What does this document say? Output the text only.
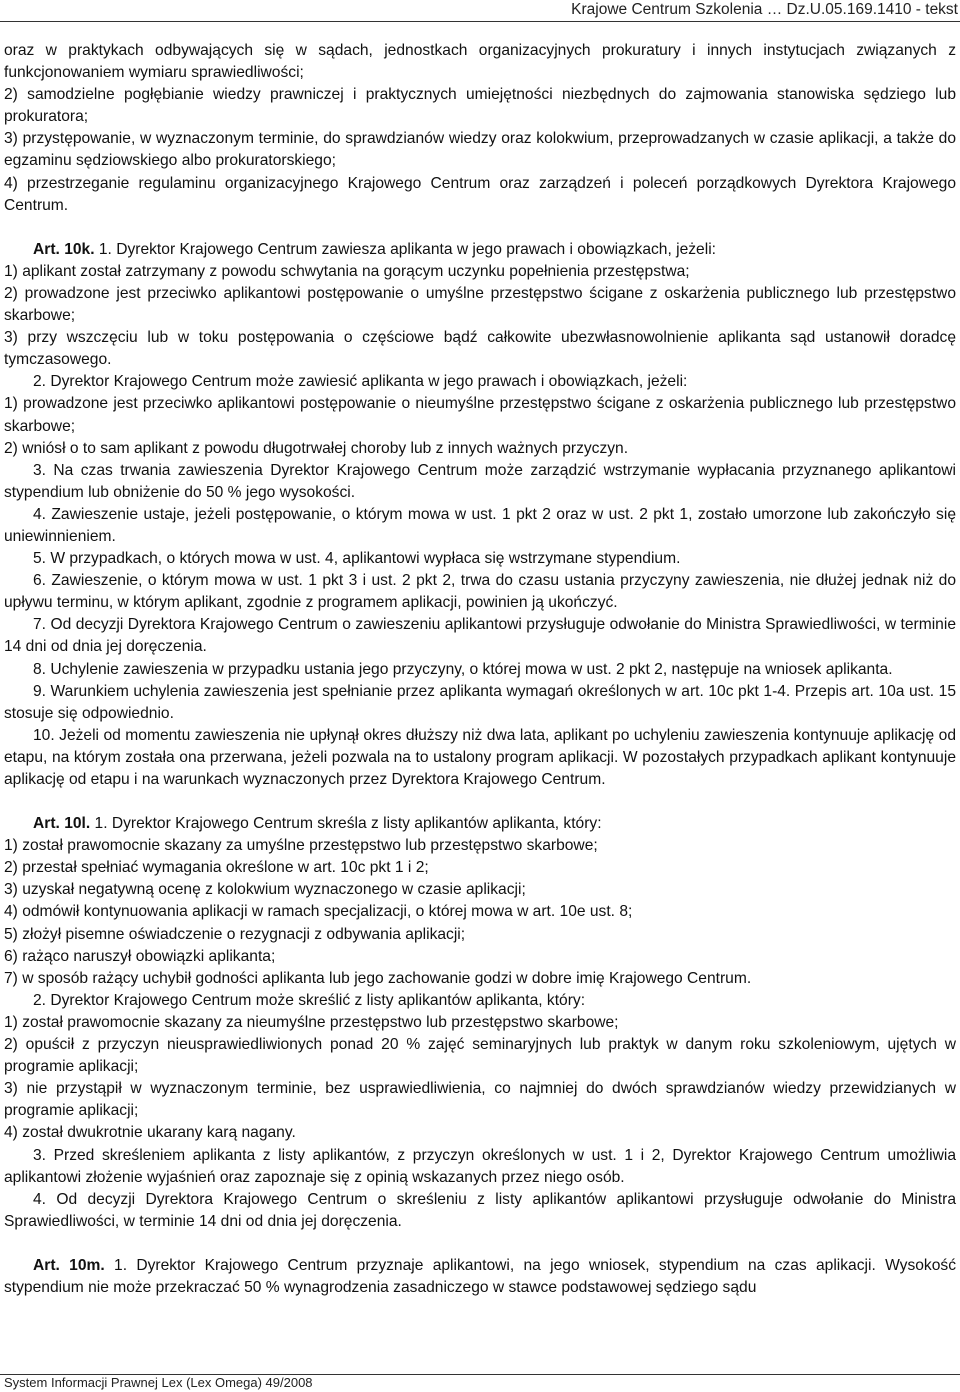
Krajowe Centrum Szkolenia … Dz.U.05.169.1410 - tekst
oraz w praktykach odbywających się w sądach, jednostkach organizacyjnych prokuratury i innych instytucjach związanych z funkcjonowaniem wymiaru sprawiedliwości;
2) samodzielne pogłębianie wiedzy prawniczej i praktycznych umiejętności niezbędnych do zajmowania stanowiska sędziego lub prokuratora;
3) przystępowanie, w wyznaczonym terminie, do sprawdzianów wiedzy oraz kolokwium, przeprowadzanych w czasie aplikacji, a także do egzaminu sędziowskiego albo prokuratorskiego;
4) przestrzeganie regulaminu organizacyjnego Krajowego Centrum oraz zarządzeń i poleceń porządkowych Dyrektora Krajowego Centrum.
Art. 10k. 1. Dyrektor Krajowego Centrum zawiesza aplikanta w jego prawach i obowiązkach, jeżeli:
1) aplikant został zatrzymany z powodu schwytania na gorącym uczynku popełnienia przestępstwa;
2) prowadzone jest przeciwko aplikantowi postępowanie o umyślne przestępstwo ścigane z oskarżenia publicznego lub przestępstwo skarbowe;
3) przy wszczęciu lub w toku postępowania o częściowe bądź całkowite ubezwłasnowolnienie aplikanta sąd ustanowił doradcę tymczasowego.
2. Dyrektor Krajowego Centrum może zawiesić aplikanta w jego prawach i obowiązkach, jeżeli:
1) prowadzone jest przeciwko aplikantowi postępowanie o nieumyślne przestępstwo ścigane z oskarżenia publicznego lub przestępstwo skarbowe;
2) wniósł o to sam aplikant z powodu długotrwałej choroby lub z innych ważnych przyczyn.
3. Na czas trwania zawieszenia Dyrektor Krajowego Centrum może zarządzić wstrzymanie wypłacania przyznanego aplikantowi stypendium lub obniżenie do 50 % jego wysokości.
4. Zawieszenie ustaje, jeżeli postępowanie, o którym mowa w ust. 1 pkt 2 oraz w ust. 2 pkt 1, zostało umorzone lub zakończyło się uniewinnieniem.
5. W przypadkach, o których mowa w ust. 4, aplikantowi wypłaca się wstrzymane stypendium.
6. Zawieszenie, o którym mowa w ust. 1 pkt 3 i ust. 2 pkt 2, trwa do czasu ustania przyczyny zawieszenia, nie dłużej jednak niż do upływu terminu, w którym aplikant, zgodnie z programem aplikacji, powinien ją ukończyć.
7. Od decyzji Dyrektora Krajowego Centrum o zawieszeniu aplikantowi przysługuje odwołanie do Ministra Sprawiedliwości, w terminie 14 dni od dnia jej doręczenia.
8. Uchylenie zawieszenia w przypadku ustania jego przyczyny, o której mowa w ust. 2 pkt 2, następuje na wniosek aplikanta.
9. Warunkiem uchylenia zawieszenia jest spełnianie przez aplikanta wymagań określonych w art. 10c pkt 1-4. Przepis art. 10a ust. 15 stosuje się odpowiednio.
10. Jeżeli od momentu zawieszenia nie upłynął okres dłuższy niż dwa lata, aplikant po uchyleniu zawieszenia kontynuuje aplikację od etapu, na którym została ona przerwana, jeżeli pozwala na to ustalony program aplikacji. W pozostałych przypadkach aplikant kontynuuje aplikację od etapu i na warunkach wyznaczonych przez Dyrektora Krajowego Centrum.
Art. 10l. 1. Dyrektor Krajowego Centrum skreśla z listy aplikantów aplikanta, który:
1) został prawomocnie skazany za umyślne przestępstwo lub przestępstwo skarbowe;
2) przestał spełniać wymagania określone w art. 10c pkt 1 i 2;
3) uzyskał negatywną ocenę z kolokwium wyznaczonego w czasie aplikacji;
4) odmówił kontynuowania aplikacji w ramach specjalizacji, o której mowa w art. 10e ust. 8;
5) złożył pisemne oświadczenie o rezygnacji z odbywania aplikacji;
6) rażąco naruszył obowiązki aplikanta;
7) w sposób rażący uchybił godności aplikanta lub jego zachowanie godzi w dobre imię Krajowego Centrum.
2. Dyrektor Krajowego Centrum może skreślić z listy aplikantów aplikanta, który:
1) został prawomocnie skazany za nieumyślne przestępstwo lub przestępstwo skarbowe;
2) opuścił z przyczyn nieusprawiedliwionych ponad 20 % zajęć seminaryjnych lub praktyk w danym roku szkoleniowym, ujętych w programie aplikacji;
3) nie przystąpił w wyznaczonym terminie, bez usprawiedliwienia, co najmniej do dwóch sprawdzianów wiedzy przewidzianych w programie aplikacji;
4) został dwukrotnie ukarany karą nagany.
3. Przed skreśleniem aplikanta z listy aplikantów, z przyczyn określonych w ust. 1 i 2, Dyrektor Krajowego Centrum umożliwia aplikantowi złożenie wyjaśnień oraz zapoznaje się z opinią wskazanych przez niego osób.
4. Od decyzji Dyrektora Krajowego Centrum o skreśleniu z listy aplikantów aplikantowi przysługuje odwołanie do Ministra Sprawiedliwości, w terminie 14 dni od dnia jej doręczenia.
Art. 10m. 1. Dyrektor Krajowego Centrum przyznaje aplikantowi, na jego wniosek, stypendium na czas aplikacji. Wysokość stypendium nie może przekraczać 50 % wynagrodzenia zasadniczego w stawce podstawowej sędziego sądu
System Informacji Prawnej Lex (Lex Omega) 49/2008
